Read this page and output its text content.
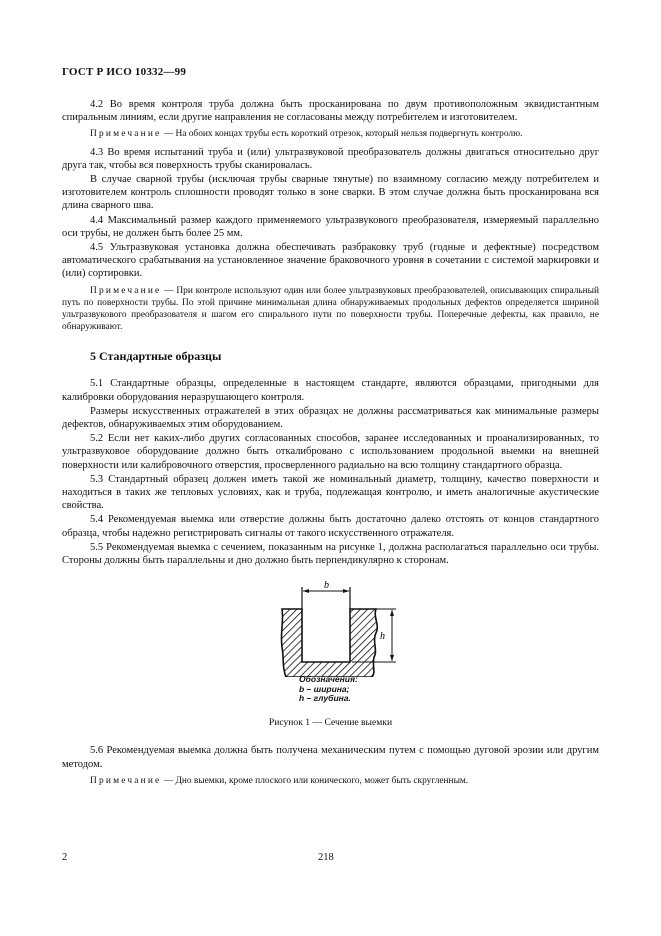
ГОСТ Р ИСО 10332—99

4.2 Во время контроля труба должна быть просканирована по двум противоположным эквидистантным спиральным линиям, если другие направления не согласованы между потребителем и изготовителем.

Примечание — На обоих концах трубы есть короткий отрезок, который нельзя подвергнуть контролю.

4.3 Во время испытаний труба и (или) ультразвуковой преобразователь должны двигаться относительно друг друга так, чтобы вся поверхность трубы сканировалась.

В случае сварной трубы (исключая трубы сварные тянутые) по взаимному согласию между потребителем и изготовителем контроль сплошности проводят только в зоне сварки. В этом случае должна быть просканирована вся длина сварного шва.

4.4 Максимальный размер каждого применяемого ультразвукового преобразователя, измеряемый параллельно оси трубы, не должен быть более 25 мм.

4.5 Ультразвуковая установка должна обеспечивать разбраковку труб (годные и дефектные) посредством автоматического срабатывания на установленное значение браковочного уровня в сочетании с системой маркировки и (или) сортировки.

Примечание — При контроле используют один или более ультразвуковых преобразователей, описывающих спиральный путь по поверхности трубы. По этой причине минимальная длина обнаруживаемых продольных дефектов определяется шириной ультразвукового преобразователя и шагом его спирального пути по поверхности трубы. Поперечные дефекты, как правило, не обнаруживают.

5 Стандартные образцы

5.1 Стандартные образцы, определенные в настоящем стандарте, являются образцами, пригодными для калибровки оборудования неразрушающего контроля.

Размеры искусственных отражателей в этих образцах не должны рассматриваться как минимальные размеры дефектов, обнаруживаемых этим оборудованием.

5.2 Если нет каких-либо других согласованных способов, заранее исследованных и проанализированных, то ультразвуковое оборудование должно быть откалибровано с использованием продольной выемки на внешней поверхности или калибровочного отверстия, просверленного радиально на всю толщину стандартного образца.

5.3 Стандартный образец должен иметь такой же номинальный диаметр, толщину, качество поверхности и находиться в таких же тепловых условиях, как и труба, подлежащая контролю, и иметь аналогичные акустические свойства.

5.4 Рекомендуемая выемка или отверстие должны быть достаточно далеко отстоять от концов стандартного образца, чтобы надежно регистрировать сигналы от такого искусственного отражателя.

5.5 Рекомендуемая выемка с сечением, показанным на рисунке 1, должна располагаться параллельно оси трубы. Стороны должны быть параллельны и дно должно быть перпендикулярно к сторонам.

b
h
Обозначения:
b – ширина;
h – глубина.
Рисунок 1 — Сечение выемки

5.6 Рекомендуемая выемка должна быть получена механическим путем с помощью дуговой эрозии или другим методом.

Примечание — Дно выемки, кроме плоского или конического, может быть скругленным.

2	218
